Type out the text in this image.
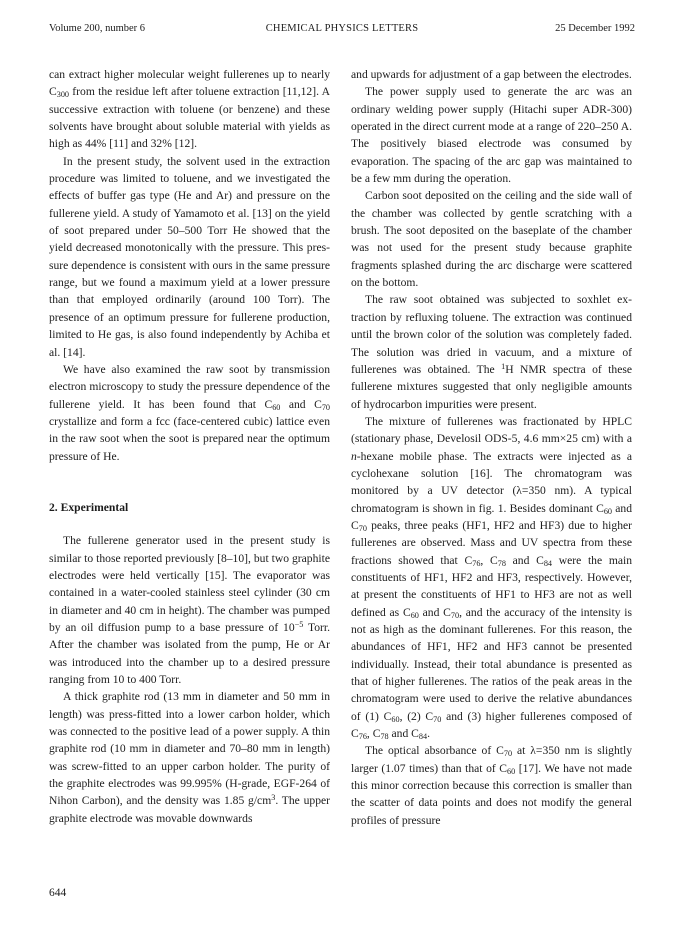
Volume 200, number 6	CHEMICAL PHYSICS LETTERS	25 December 1992

can extract higher molecular weight fullerenes up to nearly $C_{300}$ from the residue left after toluene extraction [11,12]. A successive extraction with toluene (or benzene) and these solvents have brought about soluble material with yields as high as 44% [11] and 32% [12].

In the present study, the solvent used in the extraction procedure was limited to toluene, and we investigated the effects of buffer gas type (He and Ar) and pressure on the fullerene yield. A study of Yamamoto et al. [13] on the yield of soot prepared under 50–500 Torr He showed that the yield decreased monotonically with the pressure. This pressure dependence is consistent with ours in the same pressure range, but we found a maximum yield at a lower pressure than that employed ordinarily (around 100 Torr). The presence of an optimum pressure for fullerene production, limited to He gas, is also found independently by Achiba et al. [14].

We have also examined the raw soot by transmission electron microscopy to study the pressure dependence of the fullerene yield. It has been found that $C_{60}$ and $C_{70}$ crystallize and form a fcc (face-centered cubic) lattice even in the raw soot when the soot is prepared near the optimum pressure of He.

2. Experimental

The fullerene generator used in the present study is similar to those reported previously [8–10], but two graphite electrodes were held vertically [15]. The evaporator was contained in a water-cooled stainless steel cylinder (30 cm in diameter and 40 cm in height). The chamber was pumped by an oil diffusion pump to a base pressure of $10^{-5}$ Torr. After the chamber was isolated from the pump, He or Ar was introduced into the chamber up to a desired pressure ranging from 10 to 400 Torr.

A thick graphite rod (13 mm in diameter and 50 mm in length) was press-fitted into a lower carbon holder, which was connected to the positive lead of a power supply. A thin graphite rod (10 mm in diameter and 70–80 mm in length) was screw-fitted to an upper carbon holder. The purity of the graphite electrodes was 99.995% (H-grade, EGF-264 of Nihon Carbon), and the density was 1.85 $g/cm^3$. The upper graphite electrode was movable downwards

and upwards for adjustment of a gap between the electrodes.

The power supply used to generate the arc was an ordinary welding power supply (Hitachi super ADR-300) operated in the direct current mode at a range of 220–250 A. The positively biased electrode was consumed by evaporation. The spacing of the arc gap was maintained to be a few mm during the operation.

Carbon soot deposited on the ceiling and the side wall of the chamber was collected by gentle scratching with a brush. The soot deposited on the baseplate of the chamber was not used for the present study because graphite fragments splashed during the arc discharge were scattered on the bottom.

The raw soot obtained was subjected to soxhlet extraction by refluxing toluene. The extraction was continued until the brown color of the solution was completely faded. The solution was dried in vacuum, and a mixture of fullerenes was obtained. The $^1$H NMR spectra of these fullerene mixtures suggested that only negligible amounts of hydrocarbon impurities were present.

The mixture of fullerenes was fractionated by HPLC (stationary phase, Develosil ODS-5, 4.6 mm×25 cm) with a n-hexane mobile phase. The extracts were injected as a cyclohexane solution [16]. The chromatogram was monitored by a UV detector (λ=350 nm). A typical chromatogram is shown in fig. 1. Besides dominant $C_{60}$ and $C_{70}$ peaks, three peaks (HF1, HF2 and HF3) due to higher fullerenes are observed. Mass and UV spectra from these fractions showed that $C_{76}$, $C_{78}$ and $C_{84}$ were the main constituents of HF1, HF2 and HF3, respectively. However, at present the constituents of HF1 to HF3 are not as well defined as $C_{60}$ and $C_{70}$, and the accuracy of the intensity is not as high as the dominant fullerenes. For this reason, the abundances of HF1, HF2 and HF3 cannot be presented individually. Instead, their total abundance is presented as that of higher fullerenes. The ratios of the peak areas in the chromatogram were used to derive the relative abundances of (1) $C_{60}$, (2) $C_{70}$ and (3) higher fullerenes composed of $C_{76}$, $C_{78}$ and $C_{84}$.

The optical absorbance of $C_{70}$ at λ=350 nm is slightly larger (1.07 times) than that of $C_{60}$ [17]. We have not made this minor correction because this correction is smaller than the scatter of data points and does not modify the general profiles of pressure

644
